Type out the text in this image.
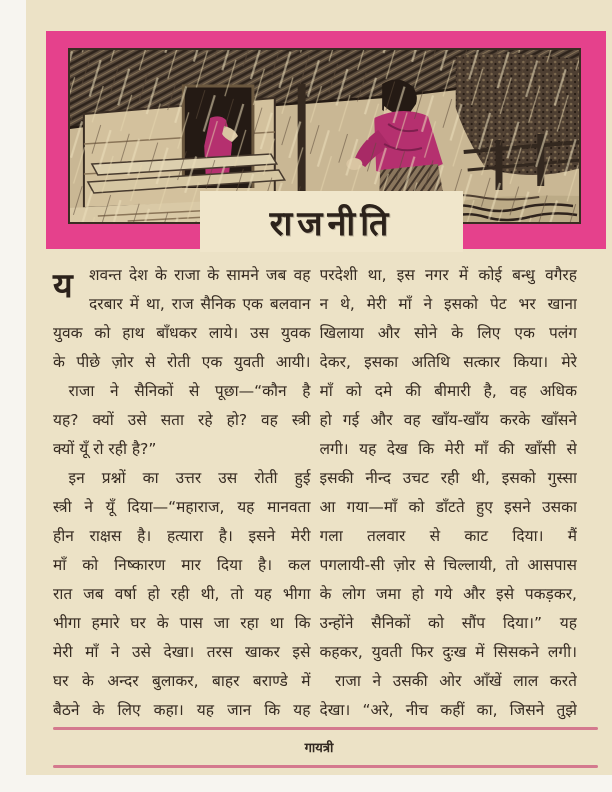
राजनीति
य	शवन्त देश के राजा के सामने जब वह
दरबार में था, राज सैनिक एक बलवान
युवक को हाथ बाँधकर लाये। उस युवक
के पीछे ज़ोर से रोती एक युवती आयी।
 राजा ने सैनिकों से पूछा—“कौन है
यह? क्यों उसे सता रहे हो? वह स्त्री
क्यों यूँ रो रही है?”
 इन प्रश्नों का उत्तर उस रोती हुई
स्त्री ने यूँ दिया—“महाराज, यह मानवता
हीन राक्षस है। हत्यारा है। इसने मेरी
माँ को निष्कारण मार दिया है। कल
रात जब वर्षा हो रही थी, तो यह भीगा
भीगा हमारे घर के पास जा रहा था कि
मेरी माँ ने उसे देखा। तरस खाकर इसे
घर के अन्दर बुलाकर, बाहर बराण्डे में
बैठने के लिए कहा। यह जान कि यह
परदेशी था, इस नगर में कोई बन्धु वगैरह
न थे, मेरी माँ ने इसको पेट भर खाना
खिलाया और सोने के लिए एक पलंग
देकर, इसका अतिथि सत्कार किया। मेरे
माँ को दमे की बीमारी है, वह अधिक
हो गई और वह खाँय-खाँय करके खाँसने
लगी। यह देख कि मेरी माँ की खाँसी से
इसकी नीन्द उचट रही थी, इसको गुस्सा
आ गया—माँ को डाँटते हुए इसने उसका
गला तलवार से काट दिया। मैं
पगलायी-सी ज़ोर से चिल्लायी, तो आसपास
के लोग जमा हो गये और इसे पकड़कर,
उन्होंने सैनिकों को सौंप दिया।” यह
कहकर, युवती फिर दुःख में सिसकने लगी।
 राजा ने उसकी ओर आँखें लाल करते
देखा। “अरे, नीच कहीं का, जिसने तुझे
गायत्री
